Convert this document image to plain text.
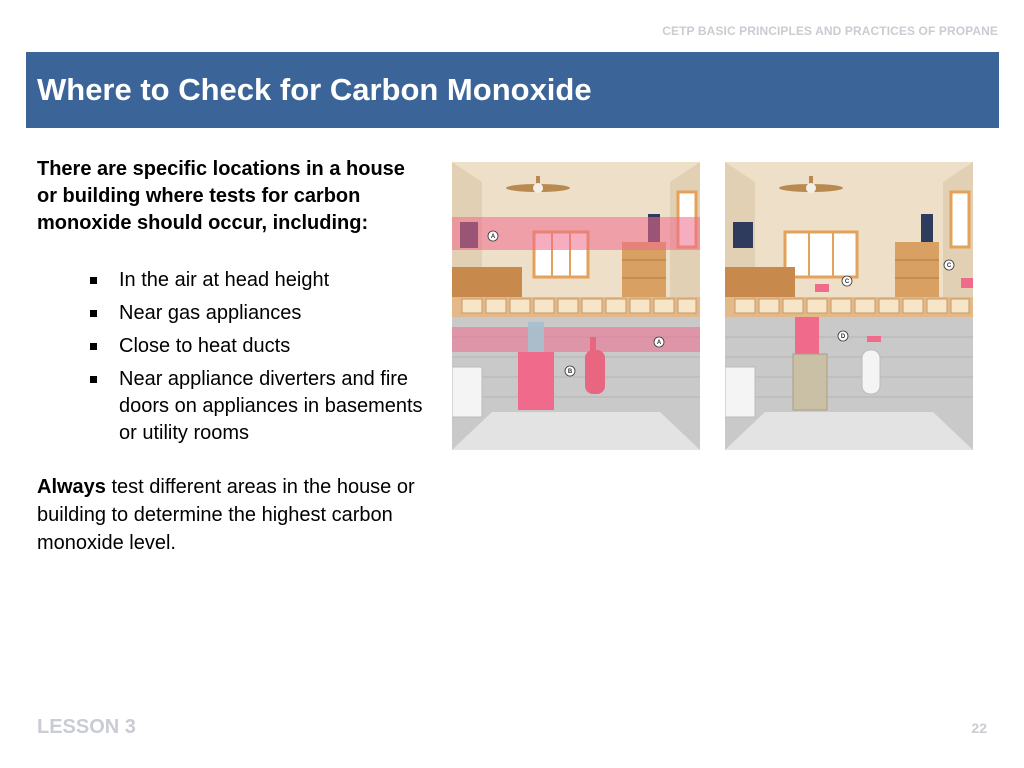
CETP BASIC PRINCIPLES AND PRACTICES OF PROPANE
Where to Check for Carbon Monoxide

There are specific locations in a house or building where tests for carbon monoxide should occur, including:

In the air at head height
Near gas appliances
Close to heat ducts
Near appliance diverters and fire doors on appliances in basements or utility rooms

Always test different areas in the house or building to determine the highest carbon monoxide level.

A
A
B
C
C
D
LESSON 3	22
